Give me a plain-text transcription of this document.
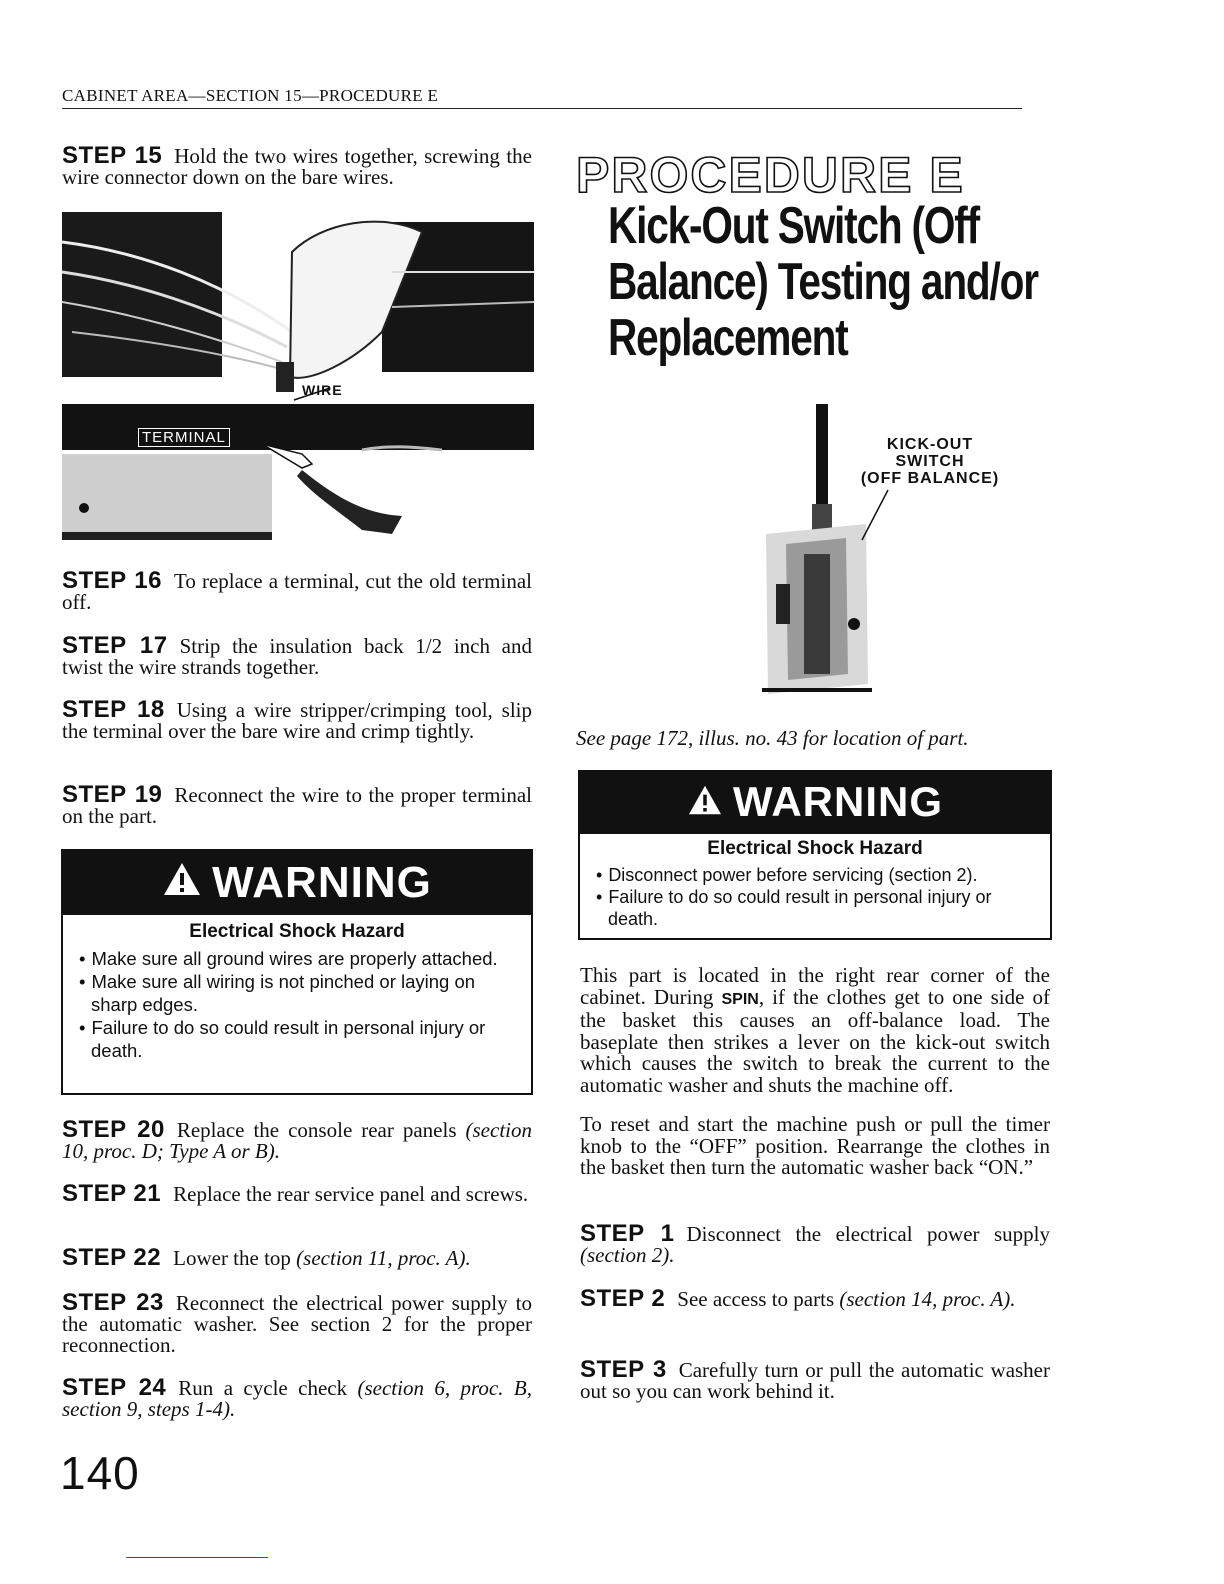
CABINET AREA—SECTION 15—PROCEDURE E

STEP 15 Hold the two wires together, screwing the wire connector down on the bare wires.

WIRE
TERMINAL

STEP 16 To replace a terminal, cut the old terminal off.

STEP 17 Strip the insulation back 1/2 inch and twist the wire strands together.

STEP 18 Using a wire stripper/crimping tool, slip the terminal over the bare wire and crimp tightly.

STEP 19 Reconnect the wire to the proper terminal on the part.

WARNING
Electrical Shock Hazard
• Make sure all ground wires are properly attached.
• Make sure all wiring is not pinched or laying on sharp edges.
• Failure to do so could result in personal injury or death.

STEP 20 Replace the console rear panels (section 10, proc. D; Type A or B).

STEP 21 Replace the rear service panel and screws.

STEP 22 Lower the top (section 11, proc. A).

STEP 23 Reconnect the electrical power supply to the automatic washer. See section 2 for the proper reconnection.

STEP 24 Run a cycle check (section 6, proc. B, section 9, steps 1-4).

140
PROCEDURE E
Kick-Out Switch (Off Balance) Testing and/or Replacement
KICK-OUT
SWITCH
(OFF BALANCE)
See page 172, illus. no. 43 for location of part.
WARNING
Electrical Shock Hazard
• Disconnect power before servicing (section 2).
• Failure to do so could result in personal injury or death.

This part is located in the right rear corner of the cabinet. During SPIN, if the clothes get to one side of the basket this causes an off-balance load. The baseplate then strikes a lever on the kick-out switch which causes the switch to break the current to the automatic washer and shuts the machine off.

To reset and start the machine push or pull the timer knob to the “OFF” position. Rearrange the clothes in the basket then turn the automatic washer back “ON.”

STEP 1 Disconnect the electrical power supply (section 2).

STEP 2 See access to parts (section 14, proc. A).

STEP 3 Carefully turn or pull the automatic washer out so you can work behind it.
